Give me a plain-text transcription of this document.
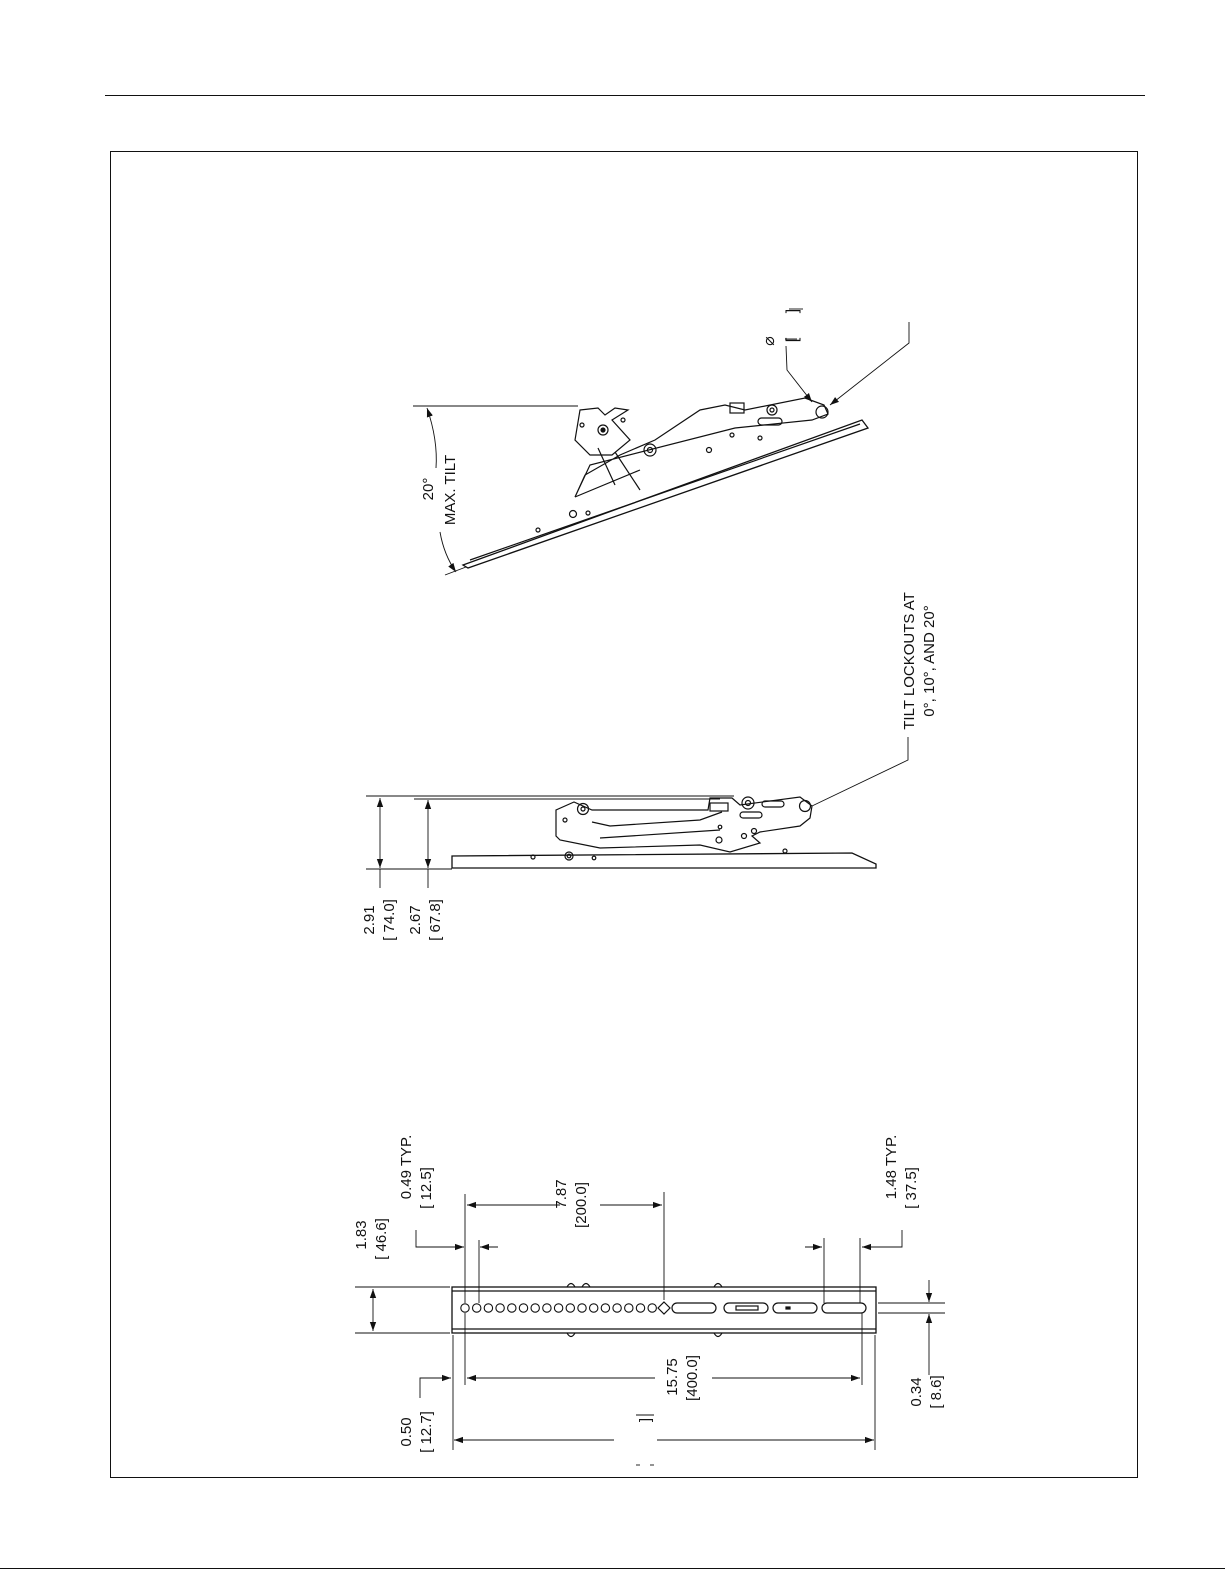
20° MAX. TILT
⌀ [
]
TILT LOCKOUTS AT 0°, 10°, AND 20°
2.91 [ 74.0] 2.67 [ 67.8]
1.83 [ 46.6]
0.49 TYP. [ 12.5]	7.87 [200.0]
1.48 TYP. [ 37.5]
15.75 [400.0]
0.50 [ 12.7]
0.34 [ 8.6]
]
